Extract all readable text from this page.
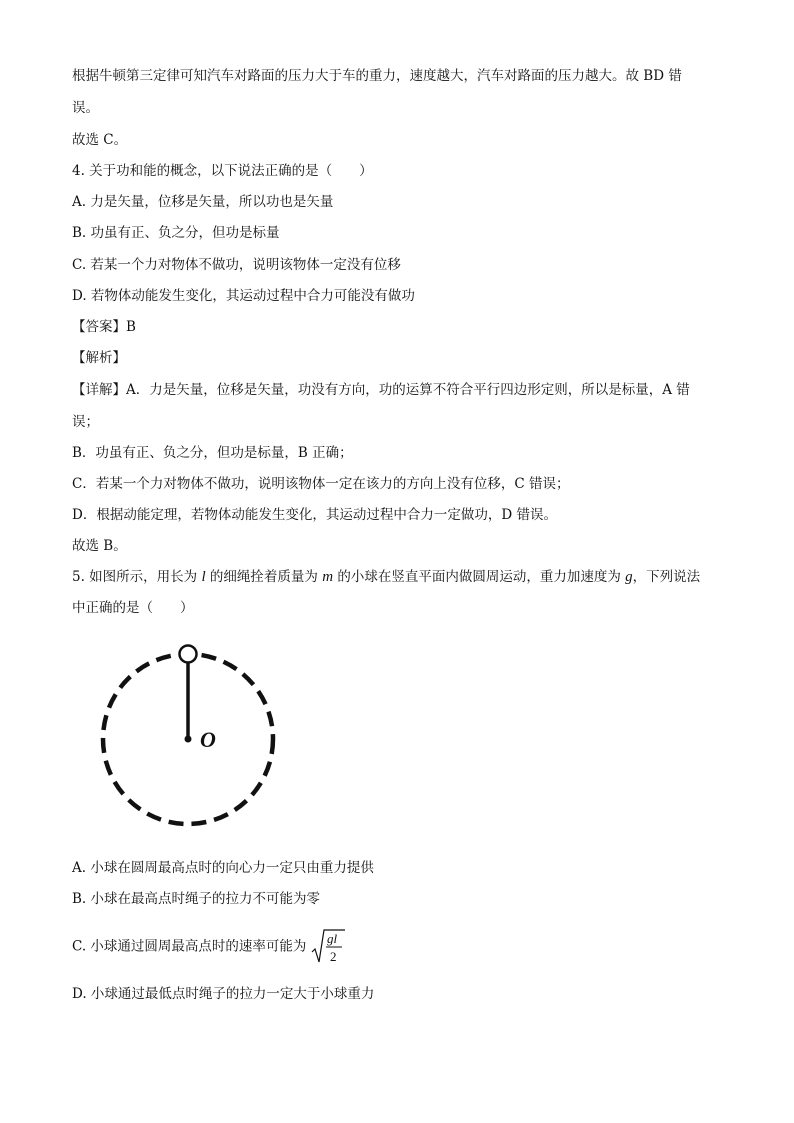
根据牛顿第三定律可知汽车对路面的压力大于车的重力，速度越大，汽车对路面的压力越大。故 BD 错
误。
故选 C。
4. 关于功和能的概念，以下说法正确的是（　　）
A. 力是矢量，位移是矢量，所以功也是矢量
B. 功虽有正、负之分，但功是标量
C. 若某一个力对物体不做功，说明该物体一定没有位移
D. 若物体动能发生变化，其运动过程中合力可能没有做功
【答案】B
【解析】
【详解】A．力是矢量，位移是矢量，功没有方向，功的运算不符合平行四边形定则，所以是标量，A 错
误；
B．功虽有正、负之分，但功是标量，B 正确；
C．若某一个力对物体不做功，说明该物体一定在该力的方向上没有位移，C 错误；
D．根据动能定理，若物体动能发生变化，其运动过程中合力一定做功，D 错误。
故选 B。
5. 如图所示，用长为 l 的细绳拴着质量为 m 的小球在竖直平面内做圆周运动，重力加速度为 g，下列说法
中正确的是（　　）
O
A. 小球在圆周最高点时的向心力一定只由重力提供
B. 小球在最高点时绳子的拉力不可能为零
C. 小球通过圆周最高点时的速率可能为
gl
2
D. 小球通过最低点时绳子的拉力一定大于小球重力
